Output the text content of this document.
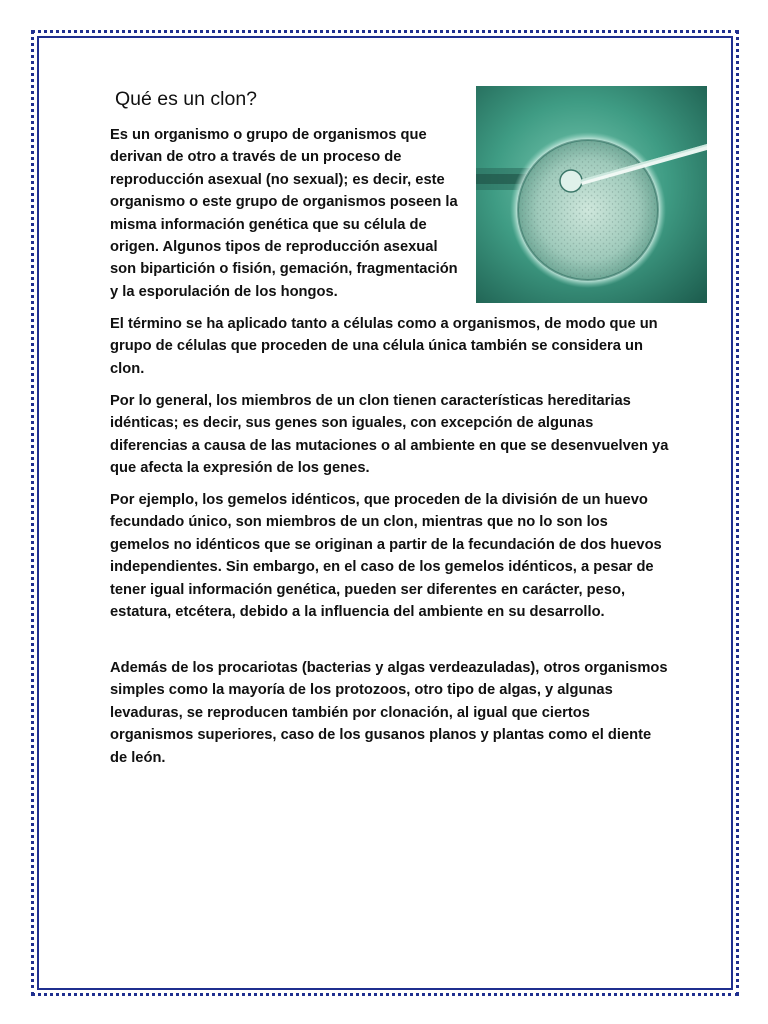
Qué es un clon?

Es un organismo o grupo de organismos que derivan de otro a través de un proceso de reproducción asexual (no sexual); es decir, este organismo o este grupo de organismos poseen la misma información genética que su célula de origen. Algunos tipos de reproducción asexual son bipartición o fisión, gemación, fragmentación y la esporulación de los hongos.

El término se ha aplicado tanto a células como a organismos, de modo que un grupo de células que proceden de una célula única también se considera un clon.

Por lo general, los miembros de un clon tienen características hereditarias idénticas; es decir, sus genes son iguales, con excepción de algunas diferencias a causa de las mutaciones o al ambiente en que se desenvuelven ya que afecta la expresión de los genes.

Por ejemplo, los gemelos idénticos, que proceden de la división de un huevo fecundado único, son miembros de un clon, mientras que no lo son los gemelos no idénticos que se originan a partir de la fecundación de dos huevos independientes. Sin embargo, en el caso de los gemelos idénticos, a pesar de tener igual información genética, pueden ser diferentes en carácter, peso, estatura, etcétera, debido a la influencia del ambiente en su desarrollo.

Además de los procariotas (bacterias y algas verdeazuladas), otros organismos simples como la mayoría de los protozoos, otro tipo de algas, y algunas levaduras, se reproducen también por clonación, al igual que ciertos organismos superiores, caso de los gusanos planos y plantas como el diente de león.
